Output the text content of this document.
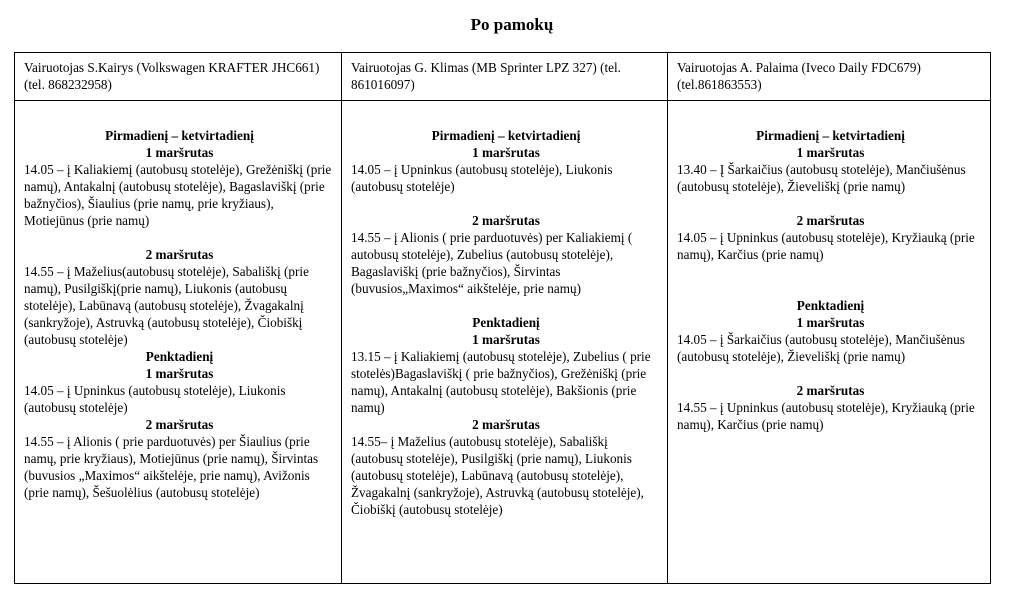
Po pamokų
Vairuotojas S.Kairys (Volkswagen KRAFTER JHC661) (tel. 868232958)
Pirmadienį – ketvirtadienį
1 maršrutas
14.05 – į Kaliakiemį (autobusų stotelėje), Grežėniškį (prie namų), Antakalnį (autobusų stotelėje), Bagaslaviškį (prie bažnyčios), Šiaulius (prie namų, prie kryžiaus), Motiejūnus (prie namų)
2 maršrutas
14.55 – į Maželius(autobusų stotelėje), Sabališkį (prie namų), Pusilgiškį(prie namų), Liukonis (autobusų stotelėje), Labūnavą (autobusų stotelėje), Žvagakalnį (sankryžoje), Astruvką (autobusų stotelėje), Čiobiškį (autobusų stotelėje)
Penktadienį
1 maršrutas
14.05 – į Upninkus (autobusų stotelėje), Liukonis (autobusų stotelėje)
2 maršrutas
14.55 – į Alionis ( prie parduotuvės) per Šiaulius (prie namų, prie kryžiaus), Motiejūnus (prie namų), Širvintas (buvusios „Maximos“ aikštelėje, prie namų), Avižonis (prie namų), Šešuolėlius (autobusų stotelėje)
Vairuotojas G. Klimas (MB Sprinter LPZ 327) (tel. 861016097)
Pirmadienį – ketvirtadienį
1 maršrutas
14.05 – į Upninkus (autobusų stotelėje), Liukonis (autobusų stotelėje)
2 maršrutas
14.55 – į Alionis ( prie parduotuvės) per Kaliakiemį ( autobusų stotelėje), Zubelius (autobusų stotelėje), Bagaslaviškį (prie bažnyčios), Širvintas (buvusios„Maximos“ aikštelėje, prie namų)
Penktadienį
1 maršrutas
13.15 – į Kaliakiemį (autobusų stotelėje), Zubelius ( prie stotelės)Bagaslaviškį ( prie bažnyčios), Grežėniškį (prie namų), Antakalnį (autobusų stotelėje), Bakšionis (prie namų)
2 maršrutas
14.55– į Maželius (autobusų stotelėje), Sabališkį (autobusų stotelėje), Pusilgiškį (prie namų), Liukonis (autobusų stotelėje), Labūnavą (autobusų stotelėje), Žvagakalnį (sankryžoje), Astruvką (autobusų stotelėje), Čiobiškį (autobusų stotelėje)
Vairuotojas A. Palaima (Iveco Daily FDC679) (tel.861863553)
Pirmadienį – ketvirtadienį
1 maršrutas
13.40 – Į Šarkaičius (autobusų stotelėje), Mančiušėnus (autobusų stotelėje), Žieveliškį (prie namų)
2 maršrutas
14.05 – į Upninkus (autobusų stotelėje), Kryžiauką (prie namų), Karčius (prie namų)
Penktadienį
1 maršrutas
14.05 – į Šarkaičius (autobusų stotelėje), Mančiušėnus (autobusų stotelėje), Žieveliškį (prie namų)
2 maršrutas
14.55 – į Upninkus (autobusų stotelėje), Kryžiauką (prie namų), Karčius (prie namų)
